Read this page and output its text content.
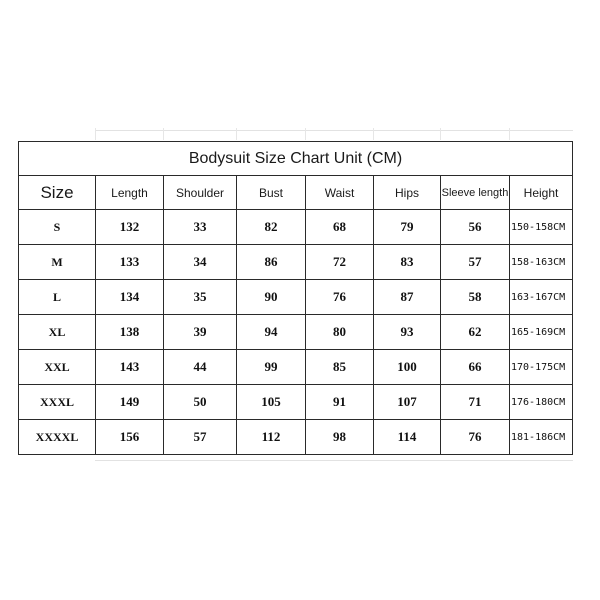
Bodysuit Size Chart Unit (CM)							
Size	Length	Shoulder	Bust	Waist	Hips	Sleeve length	Height
S	132	33	82	68	79	56	150-158CM
M	133	34	86	72	83	57	158-163CM
L	134	35	90	76	87	58	163-167CM
XL	138	39	94	80	93	62	165-169CM
XXL	143	44	99	85	100	66	170-175CM
XXXL	149	50	105	91	107	71	176-180CM
XXXXL	156	57	112	98	114	76	181-186CM
